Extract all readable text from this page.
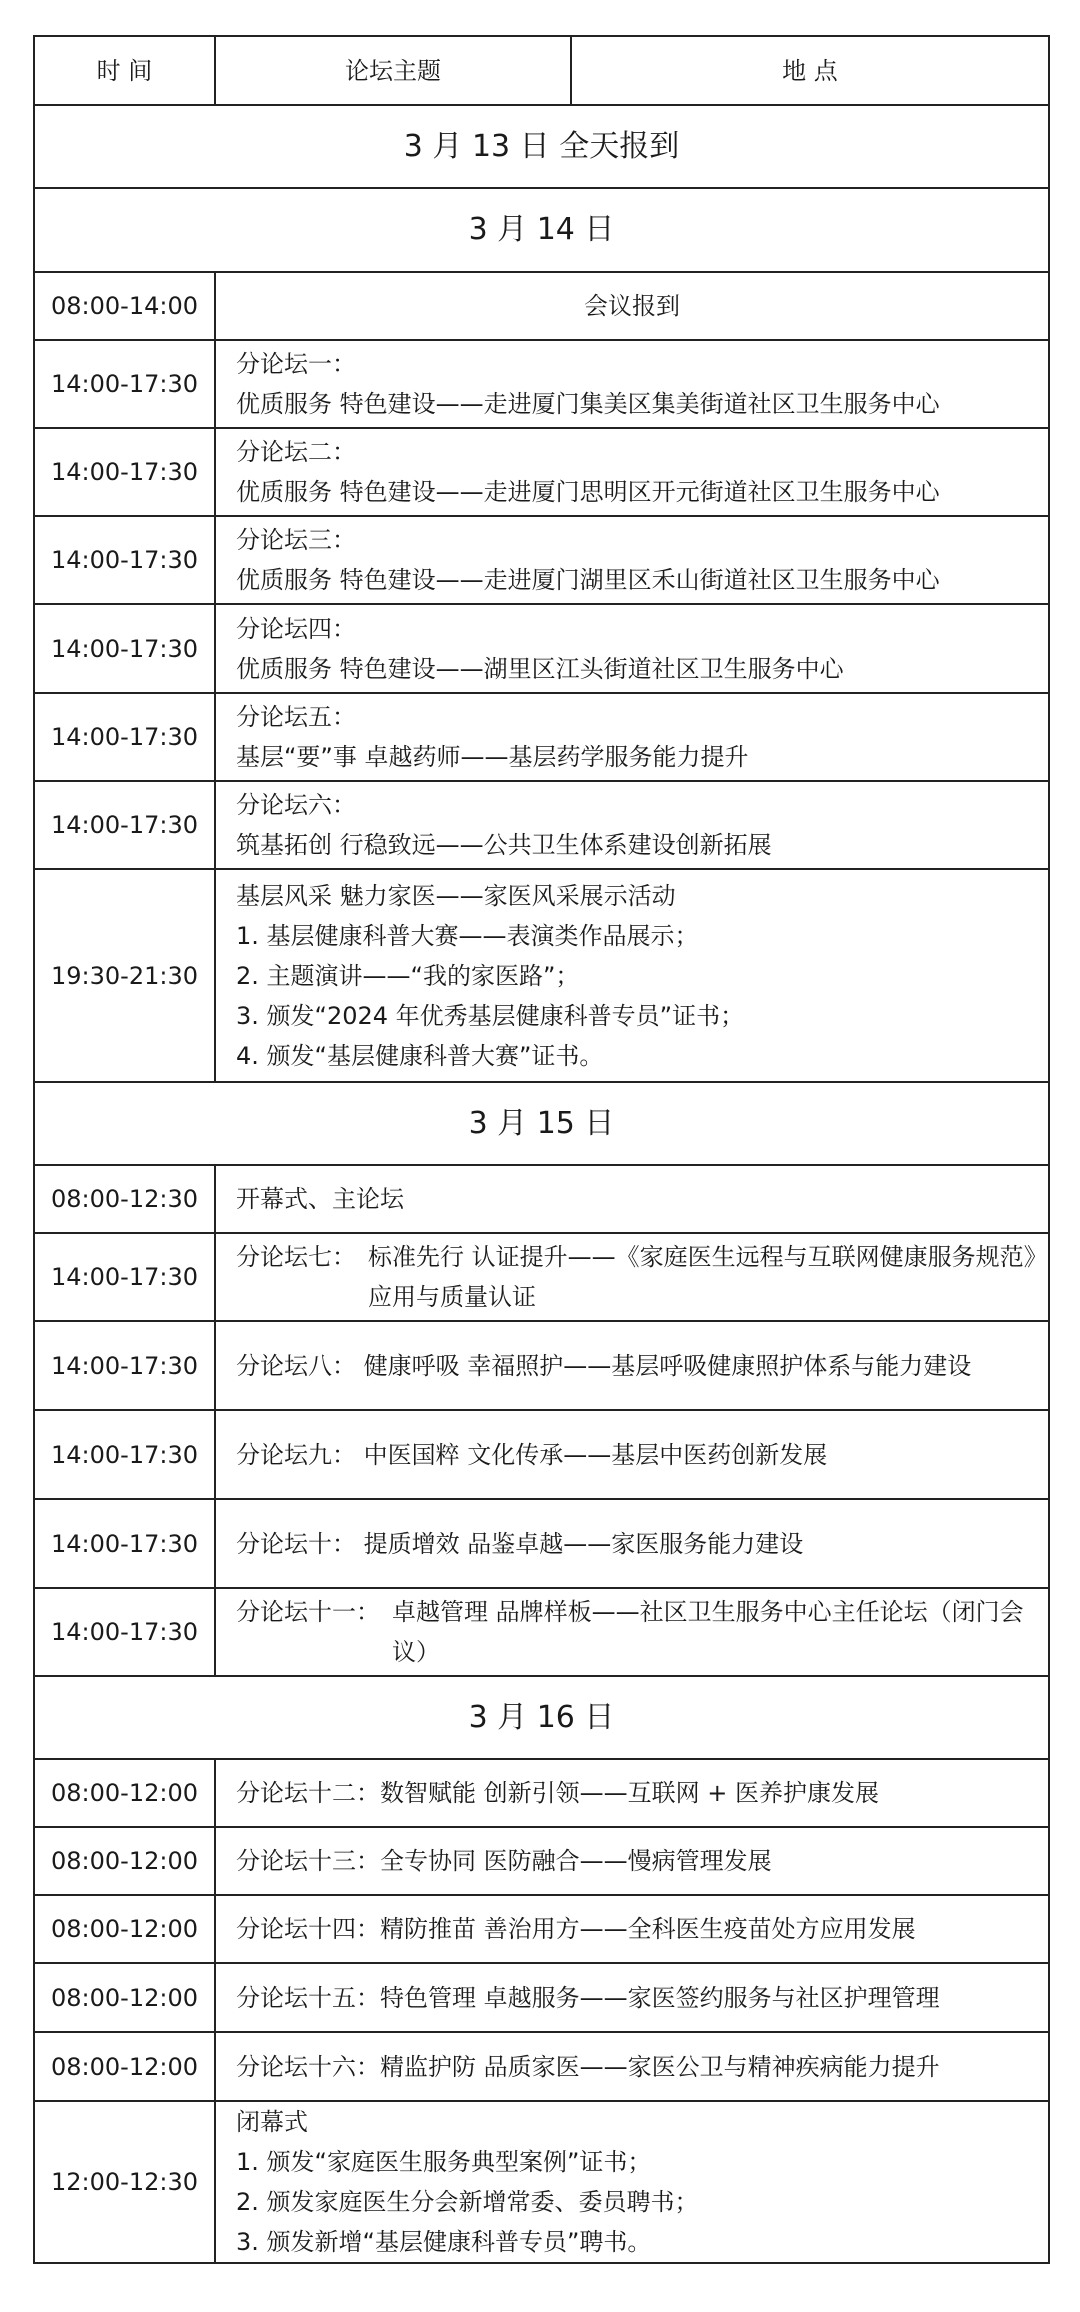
时 间	论坛主题	地 点
3 月 13 日 全天报到		
3 月 14 日		
08:00-14:00	会议报到	

14:00-17:30	分论坛一：
优质服务 特色建设——走进厦门集美区集美街道社区卫生服务中心	

14:00-17:30	分论坛二：
优质服务 特色建设——走进厦门思明区开元街道社区卫生服务中心	

14:00-17:30	分论坛三：
优质服务 特色建设——走进厦门湖里区禾山街道社区卫生服务中心	

14:00-17:30	分论坛四：
优质服务 特色建设——湖里区江头街道社区卫生服务中心	

14:00-17:30	分论坛五：
基层“要”事 卓越药师——基层药学服务能力提升	

14:00-17:30	分论坛六：
筑基拓创 行稳致远——公共卫生体系建设创新拓展	

19:30-21:30	基层风采 魅力家医——家医风采展示活动
1. 基层健康科普大赛——表演类作品展示；
2. 主题演讲——“我的家医路”；
3. 颁发“2024 年优秀基层健康科普专员”证书；
4. 颁发“基层健康科普大赛”证书。	

3 月 15 日		
08:00-12:30	开幕式、主论坛	

14:00-17:30	分论坛七： 标准先行 认证提升——《家庭医生远程与互联网健康服务规范》应用与质量认证	

14:00-17:30	分论坛八： 健康呼吸 幸福照护——基层呼吸健康照护体系与能力建设	

14:00-17:30	分论坛九： 中医国粹 文化传承——基层中医药创新发展	

14:00-17:30	分论坛十： 提质增效 品鉴卓越——家医服务能力建设	

14:00-17:30	分论坛十一： 卓越管理 品牌样板——社区卫生服务中心主任论坛（闭门会议）	

3 月 16 日		
08:00-12:00	分论坛十二：数智赋能 创新引领——互联网 + 医养护康发展	

08:00-12:00	分论坛十三：全专协同 医防融合——慢病管理发展	

08:00-12:00	分论坛十四：精防推苗 善治用方——全科医生疫苗处方应用发展	

08:00-12:00	分论坛十五：特色管理 卓越服务——家医签约服务与社区护理管理	

08:00-12:00	分论坛十六：精监护防 品质家医——家医公卫与精神疾病能力提升	

12:00-12:30	闭幕式
1. 颁发“家庭医生服务典型案例”证书；
2. 颁发家庭医生分会新增常委、委员聘书；
3. 颁发新增“基层健康科普专员”聘书。	
